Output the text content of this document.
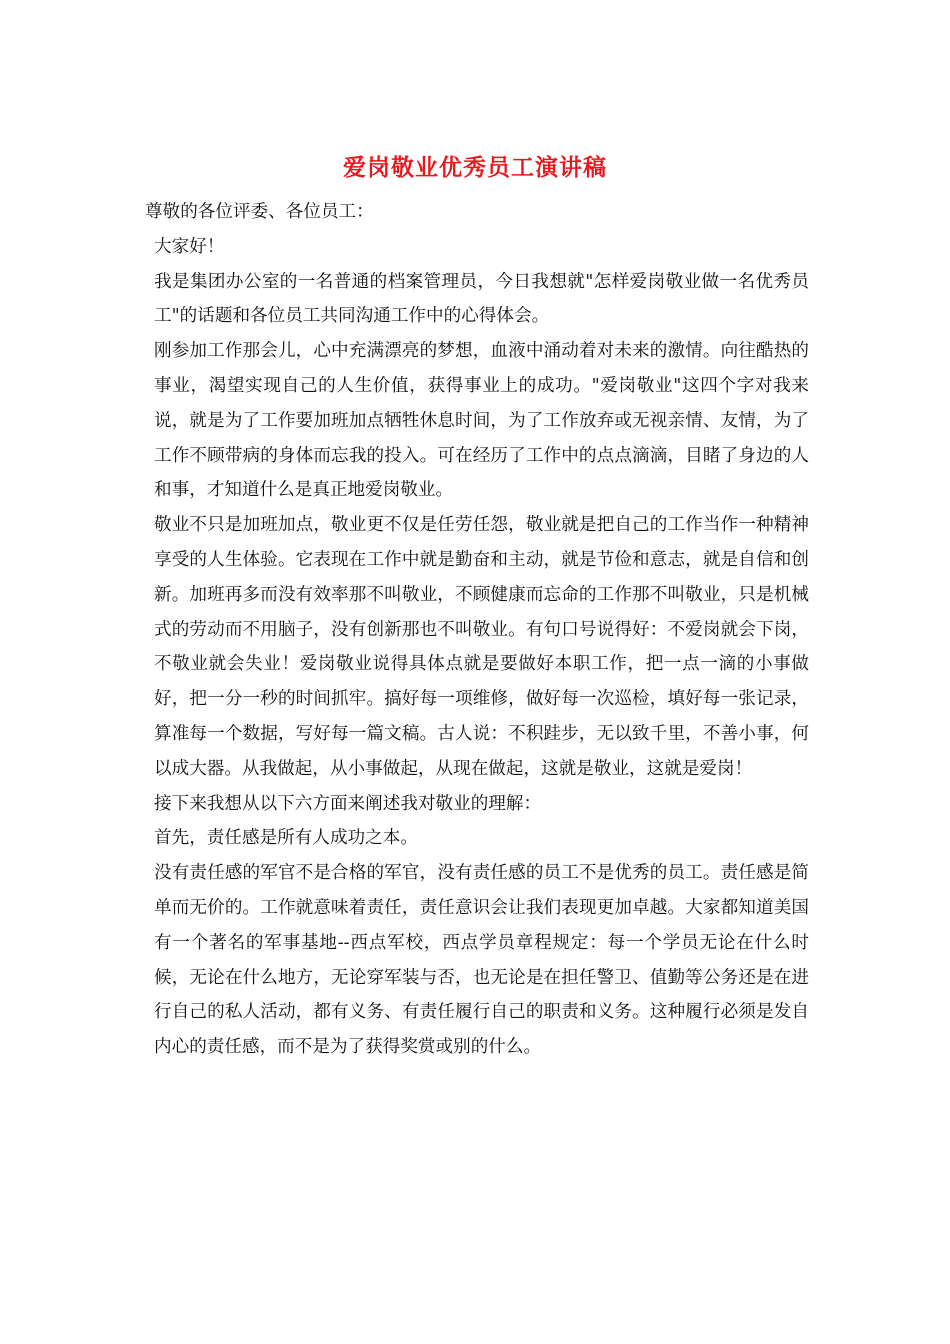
爱岗敬业优秀员工演讲稿

尊敬的各位评委、各位员工：

大家好！

我是集团办公室的一名普通的档案管理员，今日我想就"怎样爱岗敬业做一名优秀员工"的话题和各位员工共同沟通工作中的心得体会。

刚参加工作那会儿，心中充满漂亮的梦想，血液中涌动着对未来的激情。向往酷热的事业，渴望实现自己的人生价值，获得事业上的成功。"爱岗敬业"这四个字对我来说，就是为了工作要加班加点牺牲休息时间，为了工作放弃或无视亲情、友情，为了工作不顾带病的身体而忘我的投入。可在经历了工作中的点点滴滴，目睹了身边的人和事，才知道什么是真正地爱岗敬业。

敬业不只是加班加点，敬业更不仅是任劳任怨，敬业就是把自己的工作当作一种精神享受的人生体验。它表现在工作中就是勤奋和主动，就是节俭和意志，就是自信和创新。加班再多而没有效率那不叫敬业，不顾健康而忘命的工作那不叫敬业，只是机械式的劳动而不用脑子，没有创新那也不叫敬业。有句口号说得好：不爱岗就会下岗，不敬业就会失业！爱岗敬业说得具体点就是要做好本职工作，把一点一滴的小事做好，把一分一秒的时间抓牢。搞好每一项维修，做好每一次巡检，填好每一张记录，算准每一个数据，写好每一篇文稿。古人说：不积跬步，无以致千里，不善小事，何以成大器。从我做起，从小事做起，从现在做起，这就是敬业，这就是爱岗！

接下来我想从以下六方面来阐述我对敬业的理解：

首先，责任感是所有人成功之本。

没有责任感的军官不是合格的军官，没有责任感的员工不是优秀的员工。责任感是简单而无价的。工作就意味着责任，责任意识会让我们表现更加卓越。大家都知道美国有一个著名的军事基地--西点军校，西点学员章程规定：每一个学员无论在什么时候，无论在什么地方，无论穿军装与否，也无论是在担任警卫、值勤等公务还是在进行自己的私人活动，都有义务、有责任履行自己的职责和义务。这种履行必须是发自内心的责任感，而不是为了获得奖赏或别的什么。
